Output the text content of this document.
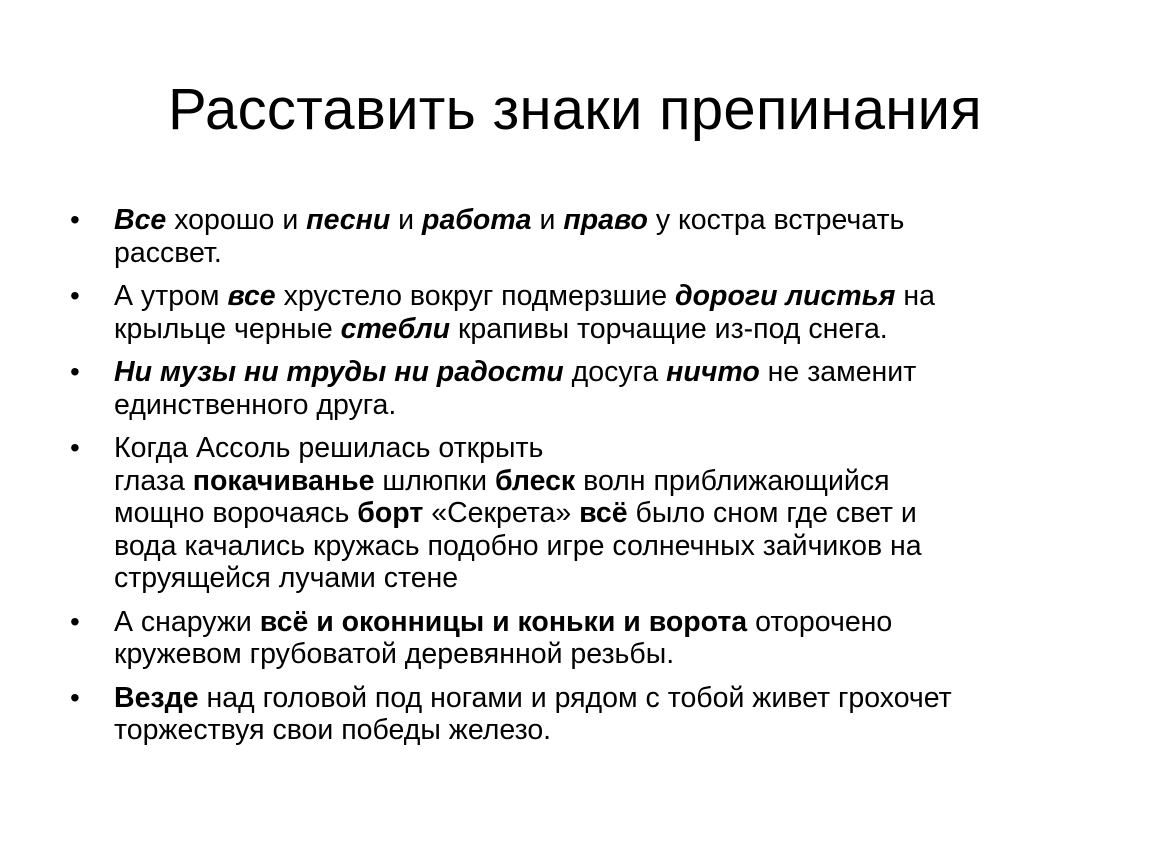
Расставить знаки препинания
•	Все хорошо и песни и работа и право у костра встречать
рассвет.
•	А утром все хрустело вокруг подмерзшие дороги листья на
крыльце черные стебли крапивы торчащие из-под снега.
•	Ни музы ни труды ни радости досуга ничто не заменит
единственного друга.
•	Когда Ассоль решилась открыть
глаза покачиванье шлюпки блеск волн приближающийся
мощно ворочаясь борт «Секрета» всё было сном где свет и
вода качались кружась подобно игре солнечных зайчиков на
струящейся лучами стене
•	А снаружи всё и оконницы и коньки и ворота оторочено
кружевом грубоватой деревянной резьбы.
•	Везде над головой под ногами и рядом с тобой живет грохочет
торжествуя свои победы железо.
